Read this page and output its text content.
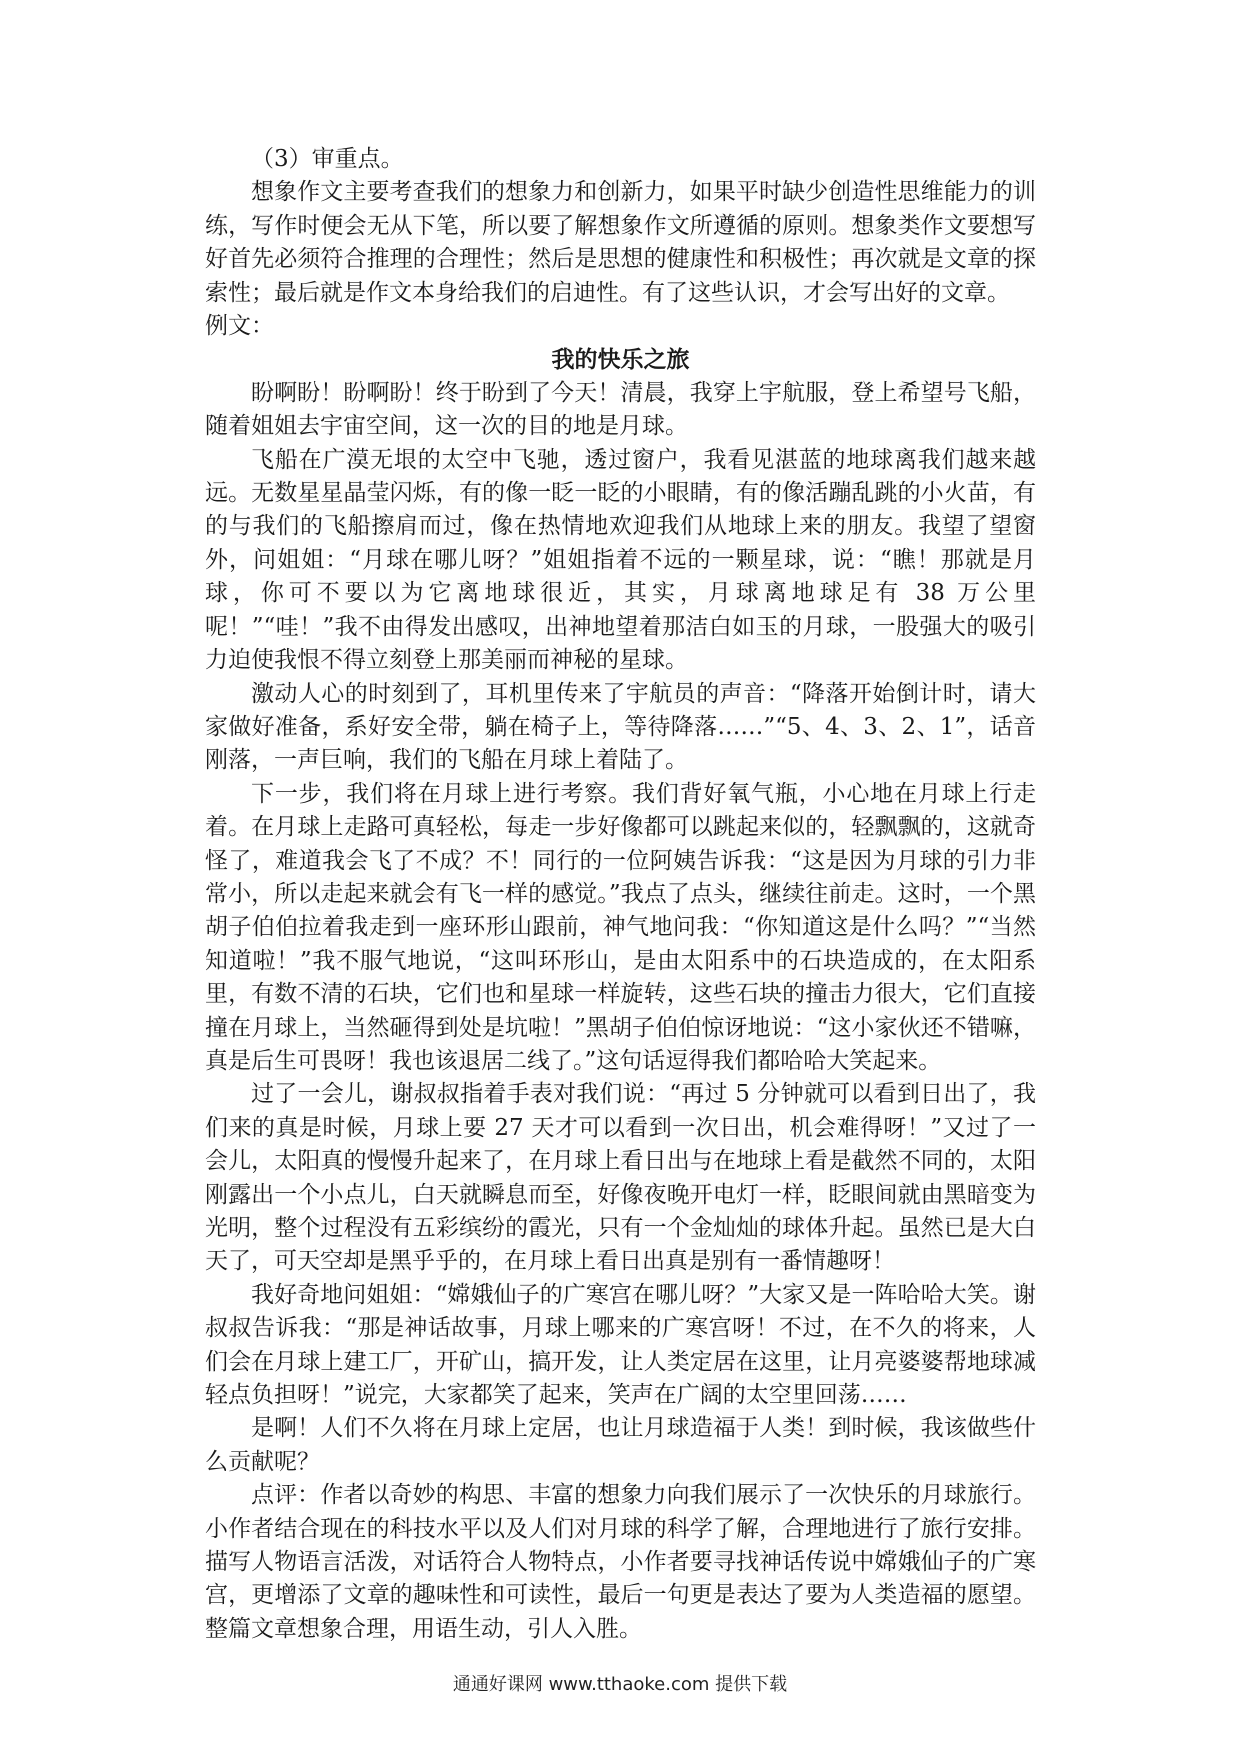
（3）审重点。

想象作文主要考查我们的想象力和创新力，如果平时缺少创造性思维能力的训练，写作时便会无从下笔，所以要了解想象作文所遵循的原则。想象类作文要想写好首先必须符合推理的合理性；然后是思想的健康性和积极性；再次就是文章的探索性；最后就是作文本身给我们的启迪性。有了这些认识，才会写出好的文章。

例文：

我的快乐之旅

盼啊盼！盼啊盼！终于盼到了今天！清晨，我穿上宇航服，登上希望号飞船，随着姐姐去宇宙空间，这一次的目的地是月球。

飞船在广漠无垠的太空中飞驰，透过窗户，我看见湛蓝的地球离我们越来越远。无数星星晶莹闪烁，有的像一眨一眨的小眼睛，有的像活蹦乱跳的小火苗，有的与我们的飞船擦肩而过，像在热情地欢迎我们从地球上来的朋友。我望了望窗外，问姐姐：“月球在哪儿呀？”姐姐指着不远的一颗星球，说：“瞧！那就是月球，你可不要以为它离地球很近，其实，月球离地球足有 38 万公里呢！”“哇！”我不由得发出感叹，出神地望着那洁白如玉的月球，一股强大的吸引力迫使我恨不得立刻登上那美丽而神秘的星球。

激动人心的时刻到了，耳机里传来了宇航员的声音：“降落开始倒计时，请大家做好准备，系好安全带，躺在椅子上，等待降落……”“5、4、3、2、1”，话音刚落，一声巨响，我们的飞船在月球上着陆了。

下一步，我们将在月球上进行考察。我们背好氧气瓶，小心地在月球上行走着。在月球上走路可真轻松，每走一步好像都可以跳起来似的，轻飘飘的，这就奇怪了，难道我会飞了不成？不！同行的一位阿姨告诉我：“这是因为月球的引力非常小，所以走起来就会有飞一样的感觉。”我点了点头，继续往前走。这时，一个黑胡子伯伯拉着我走到一座环形山跟前，神气地问我：“你知道这是什么吗？”“当然知道啦！”我不服气地说，“这叫环形山，是由太阳系中的石块造成的，在太阳系里，有数不清的石块，它们也和星球一样旋转，这些石块的撞击力很大，它们直接撞在月球上，当然砸得到处是坑啦！”黑胡子伯伯惊讶地说：“这小家伙还不错嘛，真是后生可畏呀！我也该退居二线了。”这句话逗得我们都哈哈大笑起来。

过了一会儿，谢叔叔指着手表对我们说：“再过 5 分钟就可以看到日出了，我们来的真是时候，月球上要 27 天才可以看到一次日出，机会难得呀！”又过了一会儿，太阳真的慢慢升起来了，在月球上看日出与在地球上看是截然不同的，太阳刚露出一个小点儿，白天就瞬息而至，好像夜晚开电灯一样，眨眼间就由黑暗变为光明，整个过程没有五彩缤纷的霞光，只有一个金灿灿的球体升起。虽然已是大白天了，可天空却是黑乎乎的，在月球上看日出真是别有一番情趣呀！

我好奇地问姐姐：“嫦娥仙子的广寒宫在哪儿呀？”大家又是一阵哈哈大笑。谢叔叔告诉我：“那是神话故事，月球上哪来的广寒宫呀！不过，在不久的将来，人们会在月球上建工厂，开矿山，搞开发，让人类定居在这里，让月亮婆婆帮地球减轻点负担呀！”说完，大家都笑了起来，笑声在广阔的太空里回荡……

是啊！人们不久将在月球上定居，也让月球造福于人类！到时候，我该做些什么贡献呢？

点评：作者以奇妙的构思、丰富的想象力向我们展示了一次快乐的月球旅行。小作者结合现在的科技水平以及人们对月球的科学了解，合理地进行了旅行安排。描写人物语言活泼，对话符合人物特点，小作者要寻找神话传说中嫦娥仙子的广寒宫，更增添了文章的趣味性和可读性，最后一句更是表达了要为人类造福的愿望。整篇文章想象合理，用语生动，引人入胜。

通通好课网 www.tthaoke.com 提供下载
